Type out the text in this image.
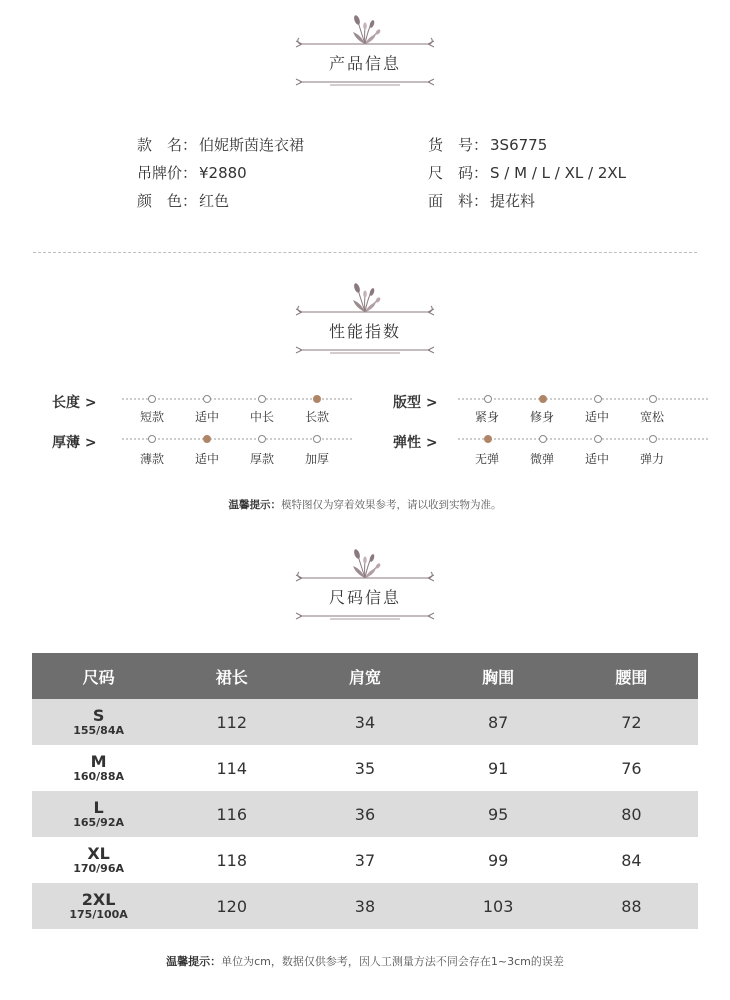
产品信息
款　名： 伯妮斯茵连衣裙
吊牌价： ¥2880
颜　色： 红色
货　号： 3S6775
尺　码： S / M / L / XL / 2XL
面　料： 提花料
性能指数
长度 >
短款	适中	中长	长款
版型 >
紧身	修身	适中	宽松
厚薄 >
薄款	适中	厚款	加厚
弹性 >
无弹	微弹	适中	弹力
温馨提示：模特图仅为穿着效果参考，请以收到实物为准。
尺码信息
尺码	裙长	肩宽	胸围	腰围

S
155/84A	112	34	87	72

M
160/88A	114	35	91	76

L
165/92A	116	36	95	80

XL
170/96A	118	37	99	84

2XL
175/100A	120	38	103	88
温馨提示：单位为cm，数据仅供参考，因人工测量方法不同会存在1~3cm的误差
